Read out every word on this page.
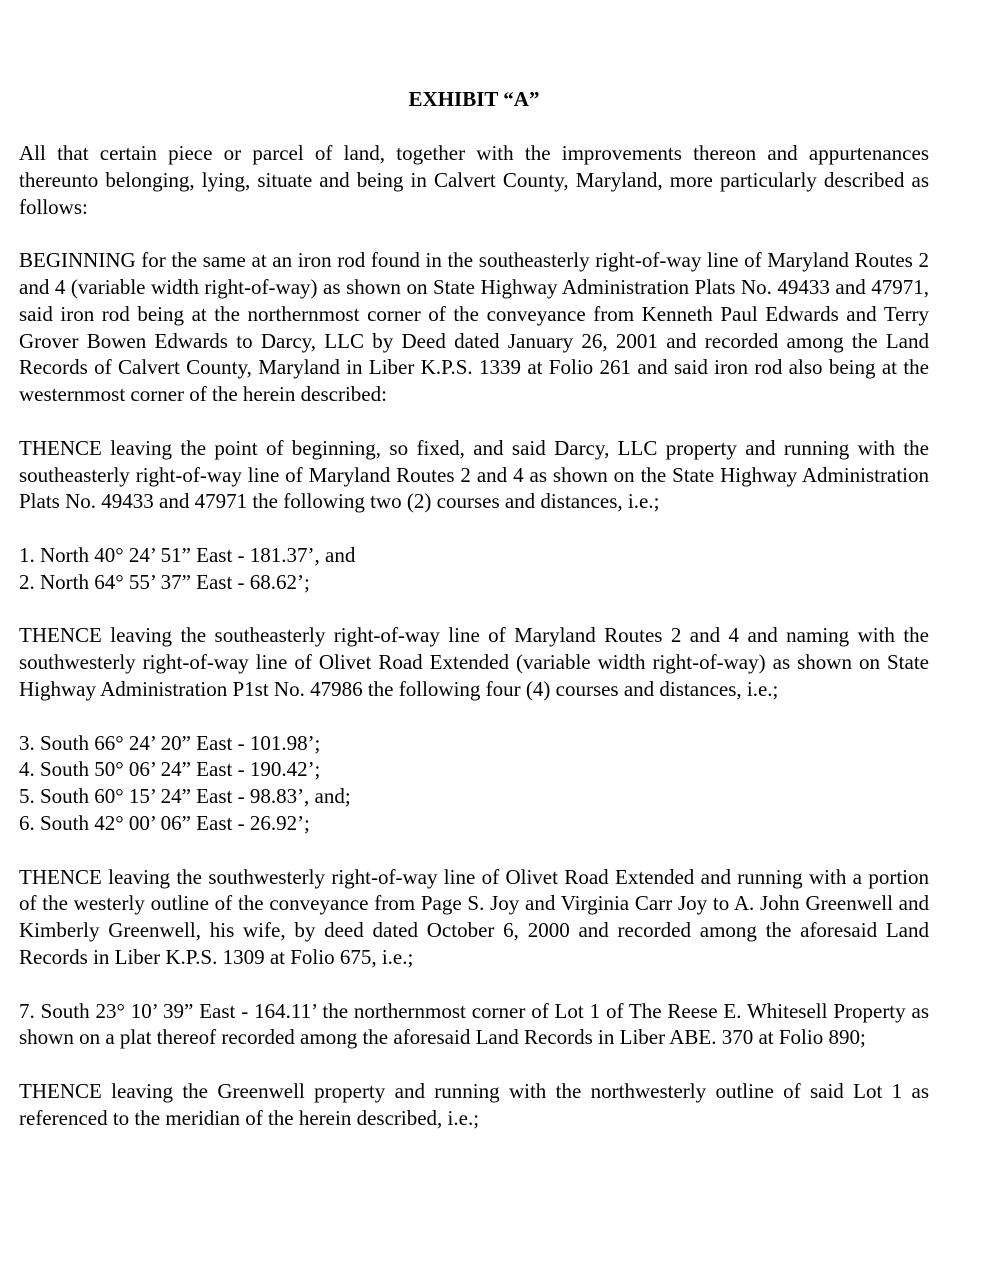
EXHIBIT “A”

All that certain piece or parcel of land, together with the improvements thereon and appurtenances thereunto belonging, lying, situate and being in Calvert County, Maryland, more particularly described as follows:

BEGINNING for the same at an iron rod found in the southeasterly right-of-way line of Maryland Routes 2 and 4 (variable width right-of-way) as shown on State Highway Administration Plats No. 49433 and 47971, said iron rod being at the northernmost corner of the conveyance from Kenneth Paul Edwards and Terry Grover Bowen Edwards to Darcy, LLC by Deed dated January 26, 2001 and recorded among the Land Records of Calvert County, Maryland in Liber K.P.S. 1339 at Folio 261 and said iron rod also being at the westernmost corner of the herein described:

THENCE leaving the point of beginning, so fixed, and said Darcy, LLC property and running with the southeasterly right-of-way line of Maryland Routes 2 and 4 as shown on the State Highway Administration Plats No. 49433 and 47971 the following two (2) courses and distances, i.e.;

1. North 40° 24’ 51” East - 181.37’, and
2. North 64° 55’ 37” East - 68.62’;

THENCE leaving the southeasterly right-of-way line of Maryland Routes 2 and 4 and naming with the southwesterly right-of-way line of Olivet Road Extended (variable width right-of-way) as shown on State Highway Administration P1st No. 47986 the following four (4) courses and distances, i.e.;

3. South 66° 24’ 20” East - 101.98’;
4. South 50° 06’ 24” East - 190.42’;
5. South 60° 15’ 24” East - 98.83’, and;
6. South 42° 00’ 06” East - 26.92’;

THENCE leaving the southwesterly right-of-way line of Olivet Road Extended and running with a portion of the westerly outline of the conveyance from Page S. Joy and Virginia Carr Joy to A. John Greenwell and Kimberly Greenwell, his wife, by deed dated October 6, 2000 and recorded among the aforesaid Land Records in Liber K.P.S. 1309 at Folio 675, i.e.;

7. South 23° 10’ 39” East - 164.11’ the northernmost corner of Lot 1 of The Reese E. Whitesell Property as shown on a plat thereof recorded among the aforesaid Land Records in Liber ABE. 370 at Folio 890;

THENCE leaving the Greenwell property and running with the northwesterly outline of said Lot 1 as referenced to the meridian of the herein described, i.e.;
